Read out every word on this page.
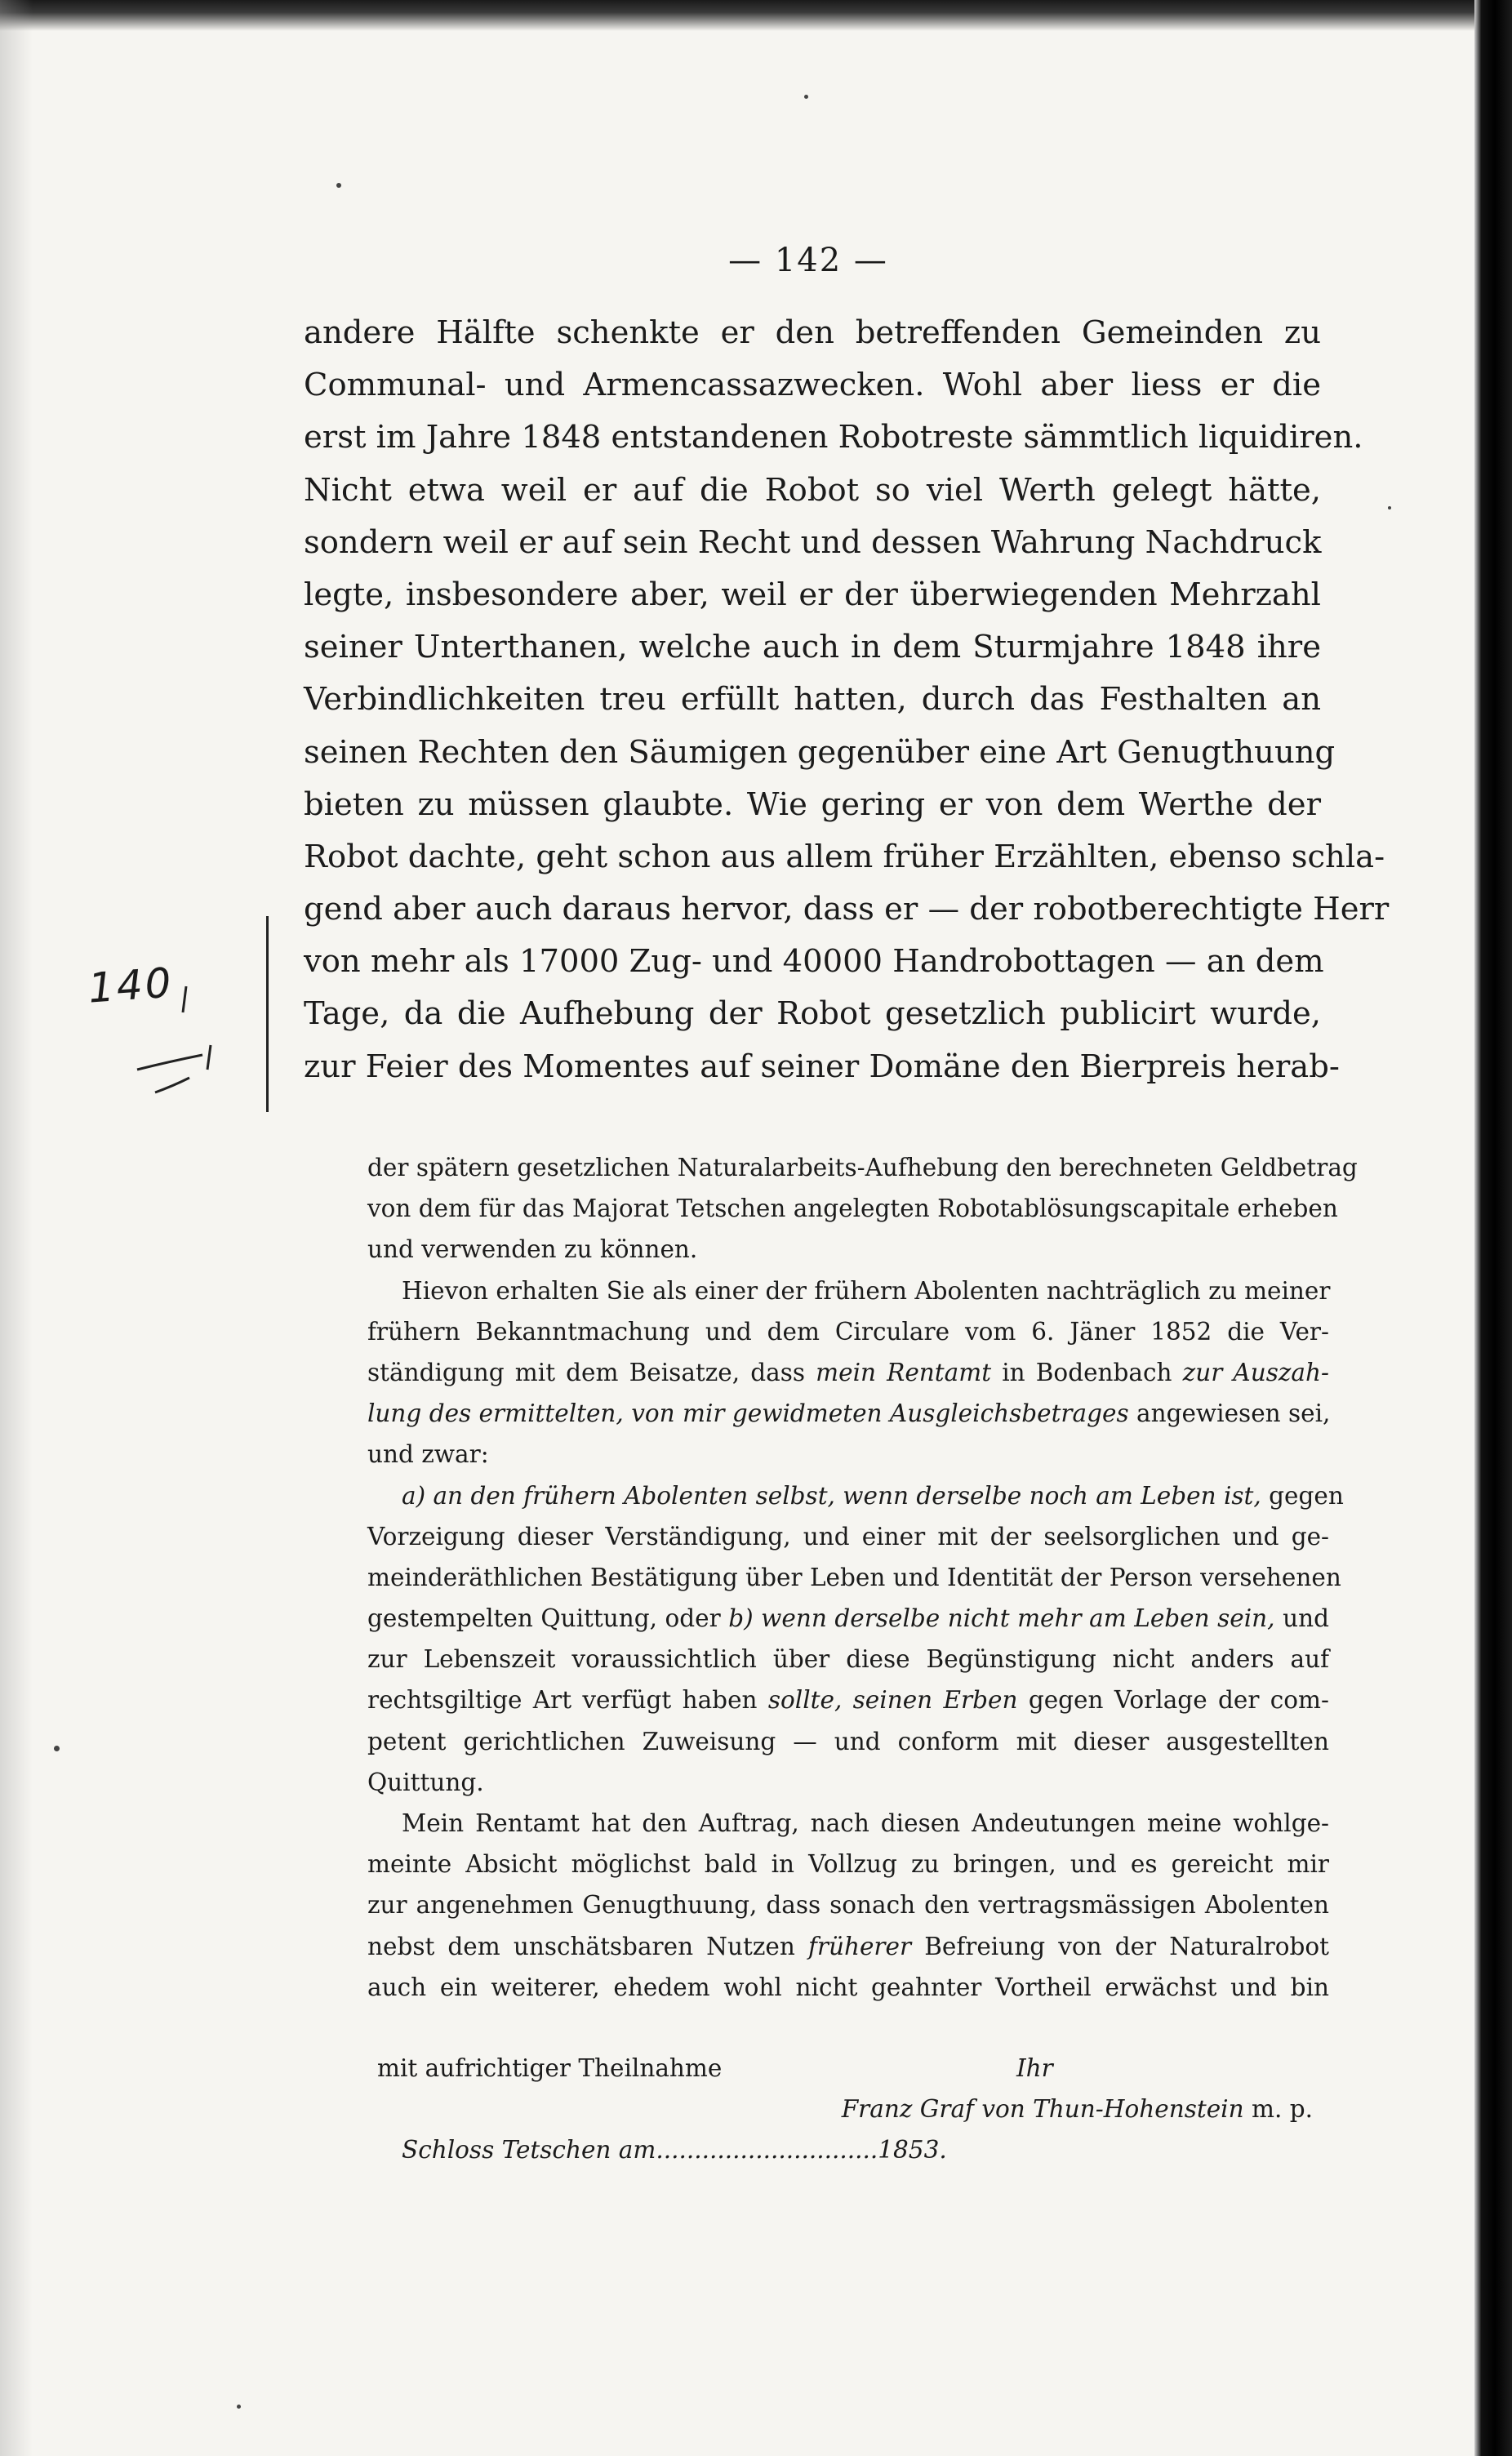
— 142 —
140
andere Hälfte schenkte er den betreffenden Gemeinden zu
Communal- und Armencassazwecken. Wohl aber liess er die
erst im Jahre 1848 entstandenen Robotreste sämmtlich liquidiren.
Nicht etwa weil er auf die Robot so viel Werth gelegt hätte,
sondern weil er auf sein Recht und dessen Wahrung Nachdruck
legte, insbesondere aber, weil er der überwiegenden Mehrzahl
seiner Unterthanen, welche auch in dem Sturmjahre 1848 ihre
Verbindlichkeiten treu erfüllt hatten, durch das Festhalten an
seinen Rechten den Säumigen gegenüber eine Art Genugthuung
bieten zu müssen glaubte. Wie gering er von dem Werthe der
Robot dachte, geht schon aus allem früher Erzählten, ebenso schla-
gend aber auch daraus hervor, dass er — der robotberechtigte Herr
von mehr als 17000 Zug- und 40000 Handrobottagen — an dem
Tage, da die Aufhebung der Robot gesetzlich publicirt wurde,
zur Feier des Momentes auf seiner Domäne den Bierpreis herab-
der spätern gesetzlichen Naturalarbeits-Aufhebung den berechneten Geldbetrag
von dem für das Majorat Tetschen angelegten Robotablösungscapitale erheben
und verwenden zu können.
Hievon erhalten Sie als einer der frühern Abolenten nachträglich zu meiner
frühern Bekanntmachung und dem Circulare vom 6. Jäner 1852 die Ver-
ständigung mit dem Beisatze, dass mein Rentamt in Bodenbach zur Auszah-
lung des ermittelten, von mir gewidmeten Ausgleichsbetrages angewiesen sei,
und zwar:
a) an den frühern Abolenten selbst, wenn derselbe noch am Leben ist, gegen
Vorzeigung dieser Verständigung, und einer mit der seelsorglichen und ge-
meinderäthlichen Bestätigung über Leben und Identität der Person versehenen
gestempelten Quittung, oder b) wenn derselbe nicht mehr am Leben sein, und
zur Lebenszeit voraussichtlich über diese Begünstigung nicht anders auf
rechtsgiltige Art verfügt haben sollte, seinen Erben gegen Vorlage der com-
petent gerichtlichen Zuweisung — und conform mit dieser ausgestellten
Quittung.
Mein Rentamt hat den Auftrag, nach diesen Andeutungen meine wohlge-
meinte Absicht möglichst bald in Vollzug zu bringen, und es gereicht mir
zur angenehmen Genugthuung, dass sonach den vertragsmässigen Abolenten
nebst dem unschätsbaren Nutzen früherer Befreiung von der Naturalrobot
auch ein weiterer, ehedem wohl nicht geahnter Vortheil erwächst und bin
mit aufrichtiger Theilnahme	Ihr
Franz Graf von Thun-Hohenstein m. p.
Schloss Tetschen am.............................1853.
